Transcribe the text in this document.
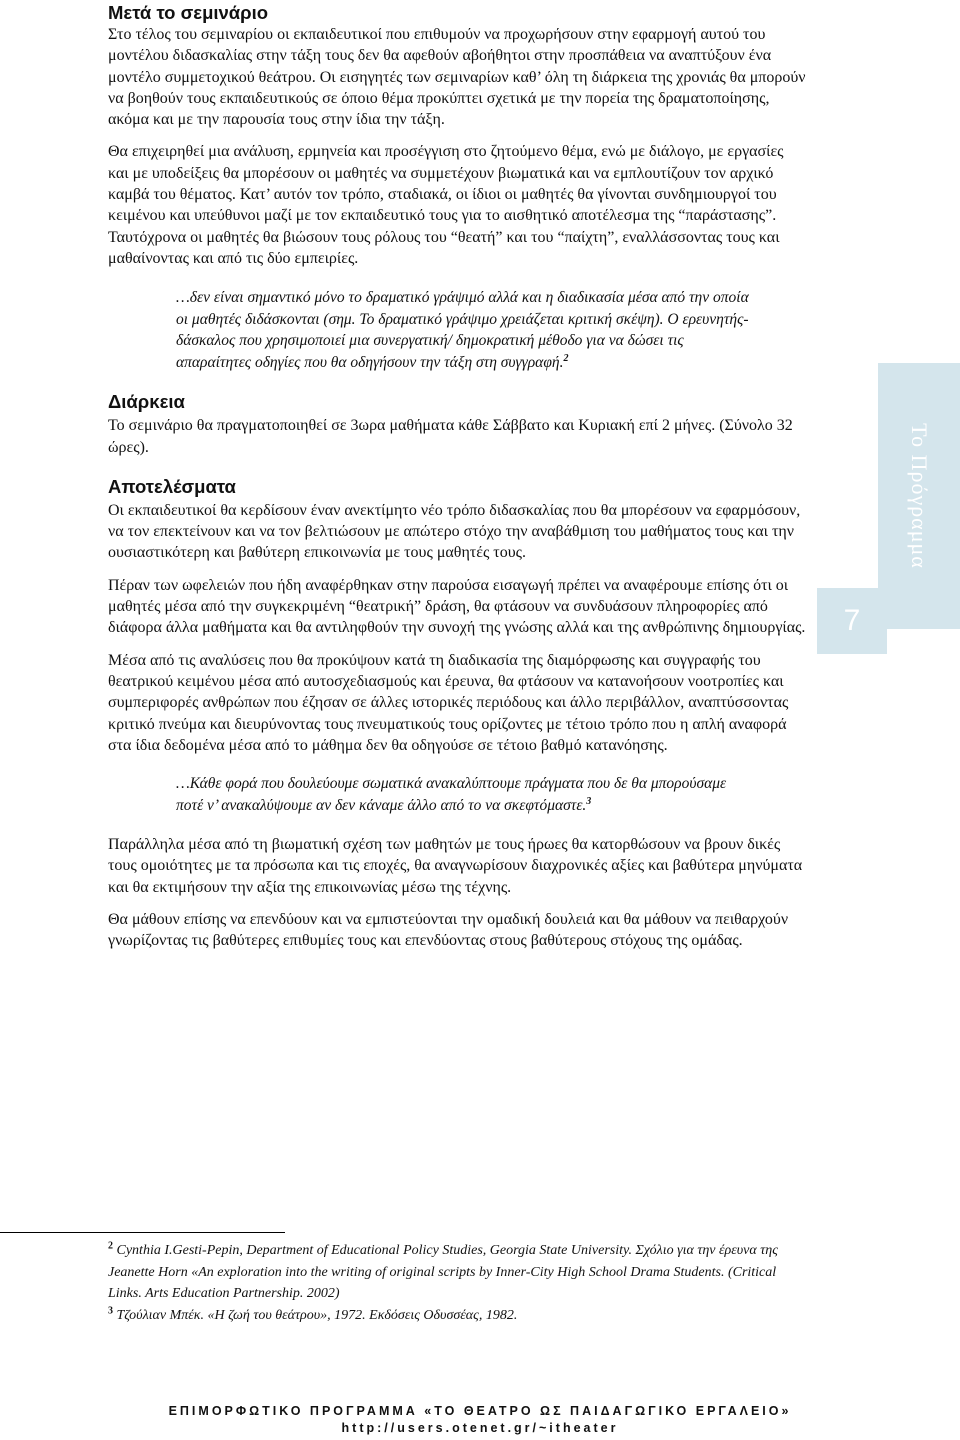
Μετά το σεμινάριο

Στο τέλος του σεμιναρίου οι εκπαιδευτικοί που επιθυμούν να προχωρήσουν στην εφαρμογή αυτού του μοντέλου διδασκαλίας στην τάξη τους δεν θα αφεθούν αβοήθητοι στην προσπάθεια να αναπτύξουν ένα μοντέλο συμμετοχικού θεάτρου. Οι εισηγητές των σεμιναρίων καθ’ όλη τη διάρκεια της χρονιάς θα μπορούν να βοηθούν τους εκπαιδευτικούς σε όποιο θέμα προκύπτει σχετικά με την πορεία της δραματοποίησης, ακόμα και με την παρουσία τους στην ίδια την τάξη.

Θα επιχειρηθεί μια ανάλυση, ερμηνεία και προσέγγιση στο ζητούμενο θέμα, ενώ με διάλογο, με εργασίες και με υποδείξεις θα μπορέσουν οι μαθητές να συμμετέχουν βιωματικά και να εμπλουτίζουν τον αρχικό καμβά του θέματος. Κατ’ αυτόν τον τρόπο, σταδιακά, οι ίδιοι οι μαθητές θα γίνονται συνδημιουργοί του κειμένου και υπεύθυνοι μαζί με τον εκπαιδευτικό τους για το αισθητικό αποτέλεσμα της “παράστασης”. Ταυτόχρονα οι μαθητές θα βιώσουν τους ρόλους του “θεατή” και του “παίχτη”, εναλλάσσοντας τους και μαθαίνοντας και από τις δύο εμπειρίες.

…δεν είναι σημαντικό μόνο το δραματικό γράψιμό αλλά και η διαδικασία μέσα από την οποία οι μαθητές διδάσκονται (σημ. Το δραματικό γράψιμο χρειάζεται κριτική σκέψη). Ο ερευνητής-δάσκαλος που χρησιμοποιεί μια συνεργατική/ δημοκρατική μέθοδο για να δώσει τις απαραίτητες οδηγίες που θα οδηγήσουν την τάξη στη συγγραφή.$^2$

Διάρκεια

Το σεμινάριο θα πραγματοποιηθεί σε 3ωρα μαθήματα κάθε Σάββατο και Κυριακή επί 2 μήνες. (Σύνολο 32 ώρες).

Αποτελέσματα

Οι εκπαιδευτικοί θα κερδίσουν έναν ανεκτίμητο νέο τρόπο διδασκαλίας που θα μπορέσουν να εφαρμόσουν, να τον επεκτείνουν και να τον βελτιώσουν με απώτερο στόχο την αναβάθμιση του μαθήματος τους και την ουσιαστικότερη και βαθύτερη επικοινωνία με τους μαθητές τους.

Πέραν των ωφελειών που ήδη αναφέρθηκαν στην παρούσα εισαγωγή πρέπει να αναφέρουμε επίσης ότι οι μαθητές μέσα από την συγκεκριμένη “θεατρική” δράση, θα φτάσουν να συνδυάσουν πληροφορίες από διάφορα άλλα μαθήματα και θα αντιληφθούν την συνοχή της γνώσης αλλά και της ανθρώπινης δημιουργίας.

Μέσα από τις αναλύσεις που θα προκύψουν κατά τη διαδικασία της διαμόρφωσης και συγγραφής του θεατρικού κειμένου μέσα από αυτοσχεδιασμούς και έρευνα, θα φτάσουν να κατανοήσουν νοοτροπίες και συμπεριφορές ανθρώπων που έζησαν σε άλλες ιστορικές περιόδους και άλλο περιβάλλον, αναπτύσσοντας κριτικό πνεύμα και διευρύνοντας τους πνευματικούς τους ορίζοντες με τέτοιο τρόπο που η απλή αναφορά στα ίδια δεδομένα μέσα από το μάθημα δεν θα οδηγούσε σε τέτοιο βαθμό κατανόησης.

…Κάθε φορά που δουλεύουμε σωματικά ανακαλύπτουμε πράγματα που δε θα μπορούσαμε ποτέ ν’ ανακαλύψουμε αν δεν κάναμε άλλο από το να σκεφτόμαστε.$^3$

Παράλληλα μέσα από τη βιωματική σχέση των μαθητών με τους ήρωες θα κατορθώσουν να βρουν δικές τους ομοιότητες με τα πρόσωπα και τις εποχές, θα αναγνωρίσουν διαχρονικές αξίες και βαθύτερα μηνύματα και θα εκτιμήσουν την αξία της επικοινωνίας μέσω της τέχνης.

Θα μάθουν επίσης να επενδύουν και να εμπιστεύονται την ομαδική δουλειά και θα μάθουν να πειθαρχούν γνωρίζοντας τις βαθύτερες επιθυμίες τους και επενδύοντας στους βαθύτερους στόχους της ομάδας.

$^2$ Cynthia I.Gesti-Pepin, Department of Educational Policy Studies, Georgia State University. Σχόλιο για την έρευνα της Jeanette Horn «An exploration into the writing of original scripts by Inner-City High School Drama Students. (Critical Links. Arts Education Partnership. 2002)

$^3$ Τζούλιαν Μπέκ. «Η ζωή του θεάτρου», 1972. Εκδόσεις Οδυσσέας, 1982.

Το Πρόγραμμα
7
ΕΠΙΜΟΡΦΩΤΙΚΟ ΠΡΟΓΡΑΜΜΑ «ΤΟ ΘΕΑΤΡΟ ΩΣ ΠΑΙΔΑΓΩΓΙΚΟ ΕΡΓΑΛΕΙΟ»
http://users.otenet.gr/~itheater
